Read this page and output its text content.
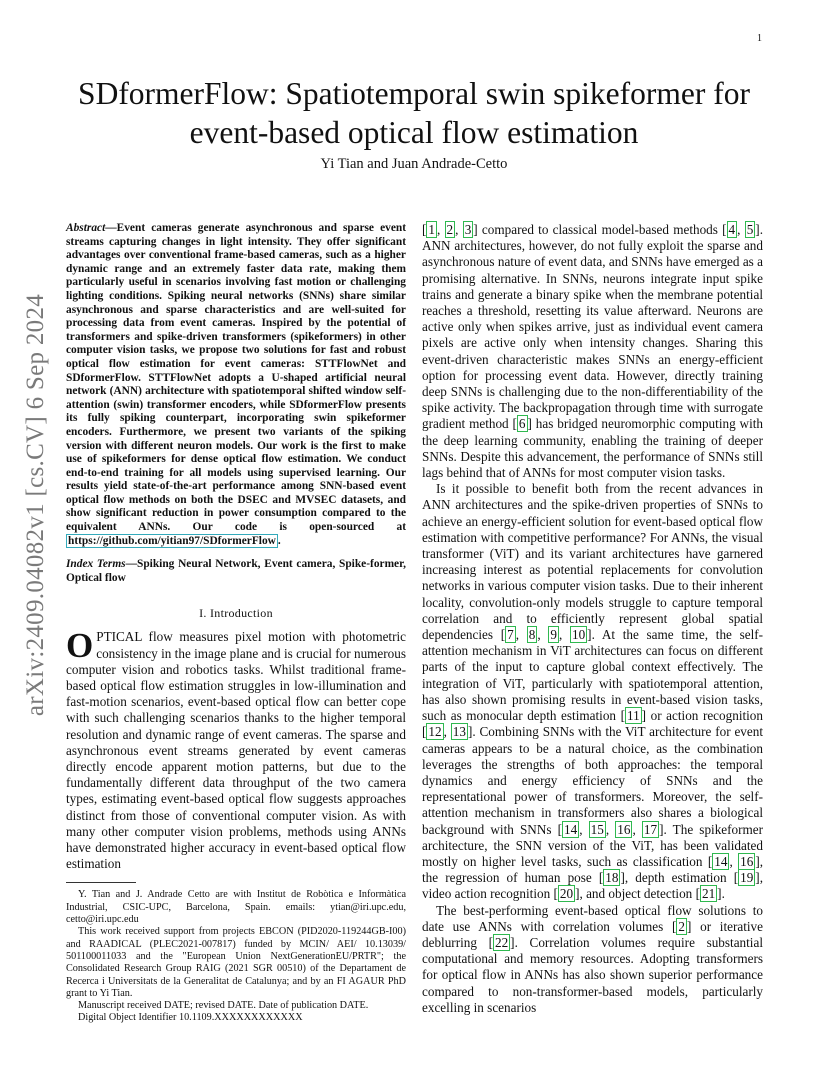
1
arXiv:2409.04082v1 [cs.CV] 6 Sep 2024
SDformerFlow: Spatiotemporal swin spikeformer for event-based optical flow estimation
Yi Tian and Juan Andrade-Cetto

Abstract—Event cameras generate asynchronous and sparse event streams capturing changes in light intensity. They offer significant advantages over conventional frame-based cameras, such as a higher dynamic range and an extremely faster data rate, making them particularly useful in scenarios involving fast motion or challenging lighting conditions. Spiking neural networks (SNNs) share similar asynchronous and sparse characteristics and are well-suited for processing data from event cameras. Inspired by the potential of transformers and spike-driven transformers (spikeformers) in other computer vision tasks, we propose two solutions for fast and robust optical flow estimation for event cameras: STTFlowNet and SDformerFlow. STTFlowNet adopts a U-shaped artificial neural network (ANN) architecture with spatiotemporal shifted window self-attention (swin) transformer encoders, while SDformerFlow presents its fully spiking counterpart, incorporating swin spikeformer encoders. Furthermore, we present two variants of the spiking version with different neuron models. Our work is the first to make use of spikeformers for dense optical flow estimation. We conduct end-to-end training for all models using supervised learning. Our results yield state-of-the-art performance among SNN-based event optical flow methods on both the DSEC and MVSEC datasets, and show significant reduction in power consumption compared to the equivalent ANNs. Our code is open-sourced at https://github.com/yitian97/SDformerFlow .

Index Terms—Spiking Neural Network, Event camera, Spike-former, Optical flow

I. Introduction

OPTICAL flow measures pixel motion with photometric consistency in the image plane and is crucial for numerous computer vision and robotics tasks. Whilst traditional frame-based optical flow estimation struggles in low-illumination and fast-motion scenarios, event-based optical flow can better cope with such challenging scenarios thanks to the higher temporal resolution and dynamic range of event cameras. The sparse and asynchronous event streams generated by event cameras directly encode apparent motion patterns, but due to the fundamentally different data throughput of the two camera types, estimating event-based optical flow suggests approaches distinct from those of conventional computer vision. As with many other computer vision problems, methods using ANNs have demonstrated higher accuracy in event-based optical flow estimation

Y. Tian and J. Andrade Cetto are with Institut de Robòtica e Informàtica Industrial, CSIC-UPC, Barcelona, Spain. emails: ytian@iri.upc.edu, cetto@iri.upc.edu

This work received support from projects EBCON (PID2020-119244GB-I00) and RAADICAL (PLEC2021-007817) funded by MCIN/ AEI/ 10.13039/ 501100011033 and the "European Union NextGenerationEU/PRTR"; the Consolidated Research Group RAIG (2021 SGR 00510) of the Departament de Recerca i Universitats de la Generalitat de Catalunya; and by an FI AGAUR PhD grant to Yi Tian.

Manuscript received DATE; revised DATE. Date of publication DATE.

Digital Object Identifier 10.1109.XXXXXXXXXXXX

[ 1 , 2 , 3 ] compared to classical model-based methods [ 4 , 5 ]. ANN architectures, however, do not fully exploit the sparse and asynchronous nature of event data, and SNNs have emerged as a promising alternative. In SNNs, neurons integrate input spike trains and generate a binary spike when the membrane potential reaches a threshold, resetting its value afterward. Neurons are active only when spikes arrive, just as individual event camera pixels are active only when intensity changes. Sharing this event-driven characteristic makes SNNs an energy-efficient option for processing event data. However, directly training deep SNNs is challenging due to the non-differentiability of the spike activity. The backpropagation through time with surrogate gradient method [ 6 ] has bridged neuromorphic computing with the deep learning community, enabling the training of deeper SNNs. Despite this advancement, the performance of SNNs still lags behind that of ANNs for most computer vision tasks.

Is it possible to benefit both from the recent advances in ANN architectures and the spike-driven properties of SNNs to achieve an energy-efficient solution for event-based optical flow estimation with competitive performance? For ANNs, the visual transformer (ViT) and its variant architectures have garnered increasing interest as potential replacements for convolution networks in various computer vision tasks. Due to their inherent locality, convolution-only models struggle to capture temporal correlation and to efficiently represent global spatial dependencies [ 7 , 8 , 9 , 10 ]. At the same time, the self-attention mechanism in ViT architectures can focus on different parts of the input to capture global context effectively. The integration of ViT, particularly with spatiotemporal attention, has also shown promising results in event-based vision tasks, such as monocular depth estimation [ 11 ] or action recognition [ 12 , 13 ]. Combining SNNs with the ViT architecture for event cameras appears to be a natural choice, as the combination leverages the strengths of both approaches: the temporal dynamics and energy efficiency of SNNs and the representational power of transformers. Moreover, the self-attention mechanism in transformers also shares a biological background with SNNs [ 14 , 15 , 16 , 17 ]. The spikeformer architecture, the SNN version of the ViT, has been validated mostly on higher level tasks, such as classification [ 14 , 16 ], the regression of human pose [ 18 ], depth estimation [ 19 ], video action recognition [ 20 ], and object detection [ 21 ].

The best-performing event-based optical flow solutions to date use ANNs with correlation volumes [ 2 ] or iterative deblurring [ 22 ]. Correlation volumes require substantial computational and memory resources. Adopting transformers for optical flow in ANNs has also shown superior performance compared to non-transformer-based models, particularly excelling in scenarios
